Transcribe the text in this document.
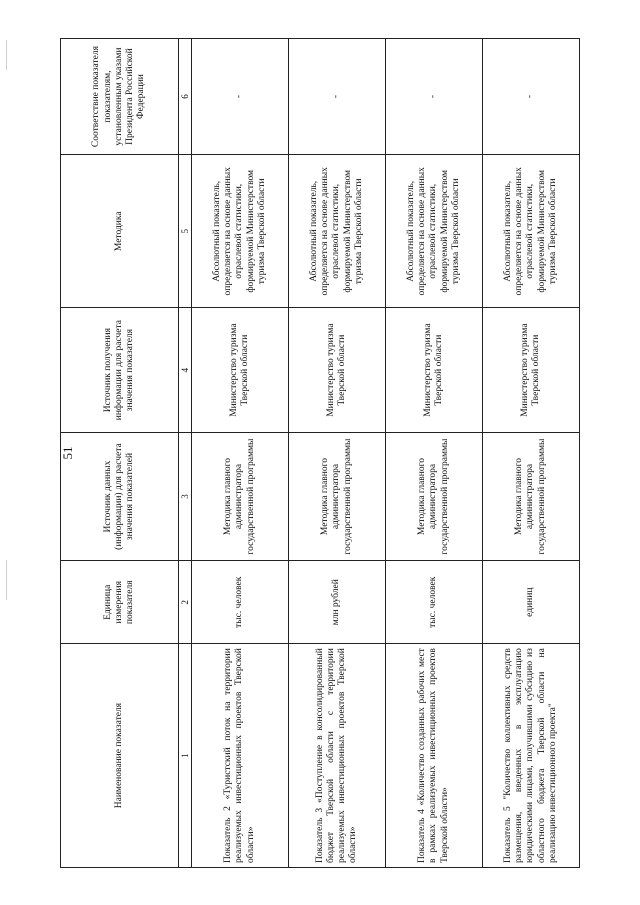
51
Наименование показателя	Единица измерения показателя	Источник данных (информации) для расчета значения показателей	Источник получения информации для расчета значения показателя	Методика	Соответствие показателя показателям, установленным указами Президента Российской Федерации
1	2	3	4	5	6
Показатель 2 «Туристский поток на территории реализуемых инвестиционных проектов Тверской области»	тыс. человек	Методика главного администратора государственной программы	Министерство туризма Тверской области	Абсолютный показатель, определяется на основе данных отраслевой статистики, формируемой Министерством туризма Тверской области	-
Показатель 3 «Поступление в консолидированный бюджет Тверской области с территории реализуемых инвестиционных проектов Тверской области»	млн рублей	Методика главного администратора государственной программы	Министерство туризма Тверской области	Абсолютный показатель, определяется на основе данных отраслевой статистики, формируемой Министерством туризма Тверской области	-
Показатель 4 «Количество созданных рабочих мест в рамках реализуемых инвестиционных проектов Тверской области»	тыс. человек	Методика главного администратора государственной программы	Министерство туризма Тверской области	Абсолютный показатель, определяется на основе данных отраслевой статистики, формируемой Министерством туризма Тверской области	-
Показатель 5 "Количество коллективных средств размещения, введенных в эксплуатацию юридическими лицами, получившими субсидию из областного бюджета Тверской области на реализацию инвестиционного проекта"	единиц	Методика главного администратора государственной программы	Министерство туризма Тверской области	Абсолютный показатель, определяется на основе данных отраслевой статистики, формируемой Министерством туризма Тверской области	-
